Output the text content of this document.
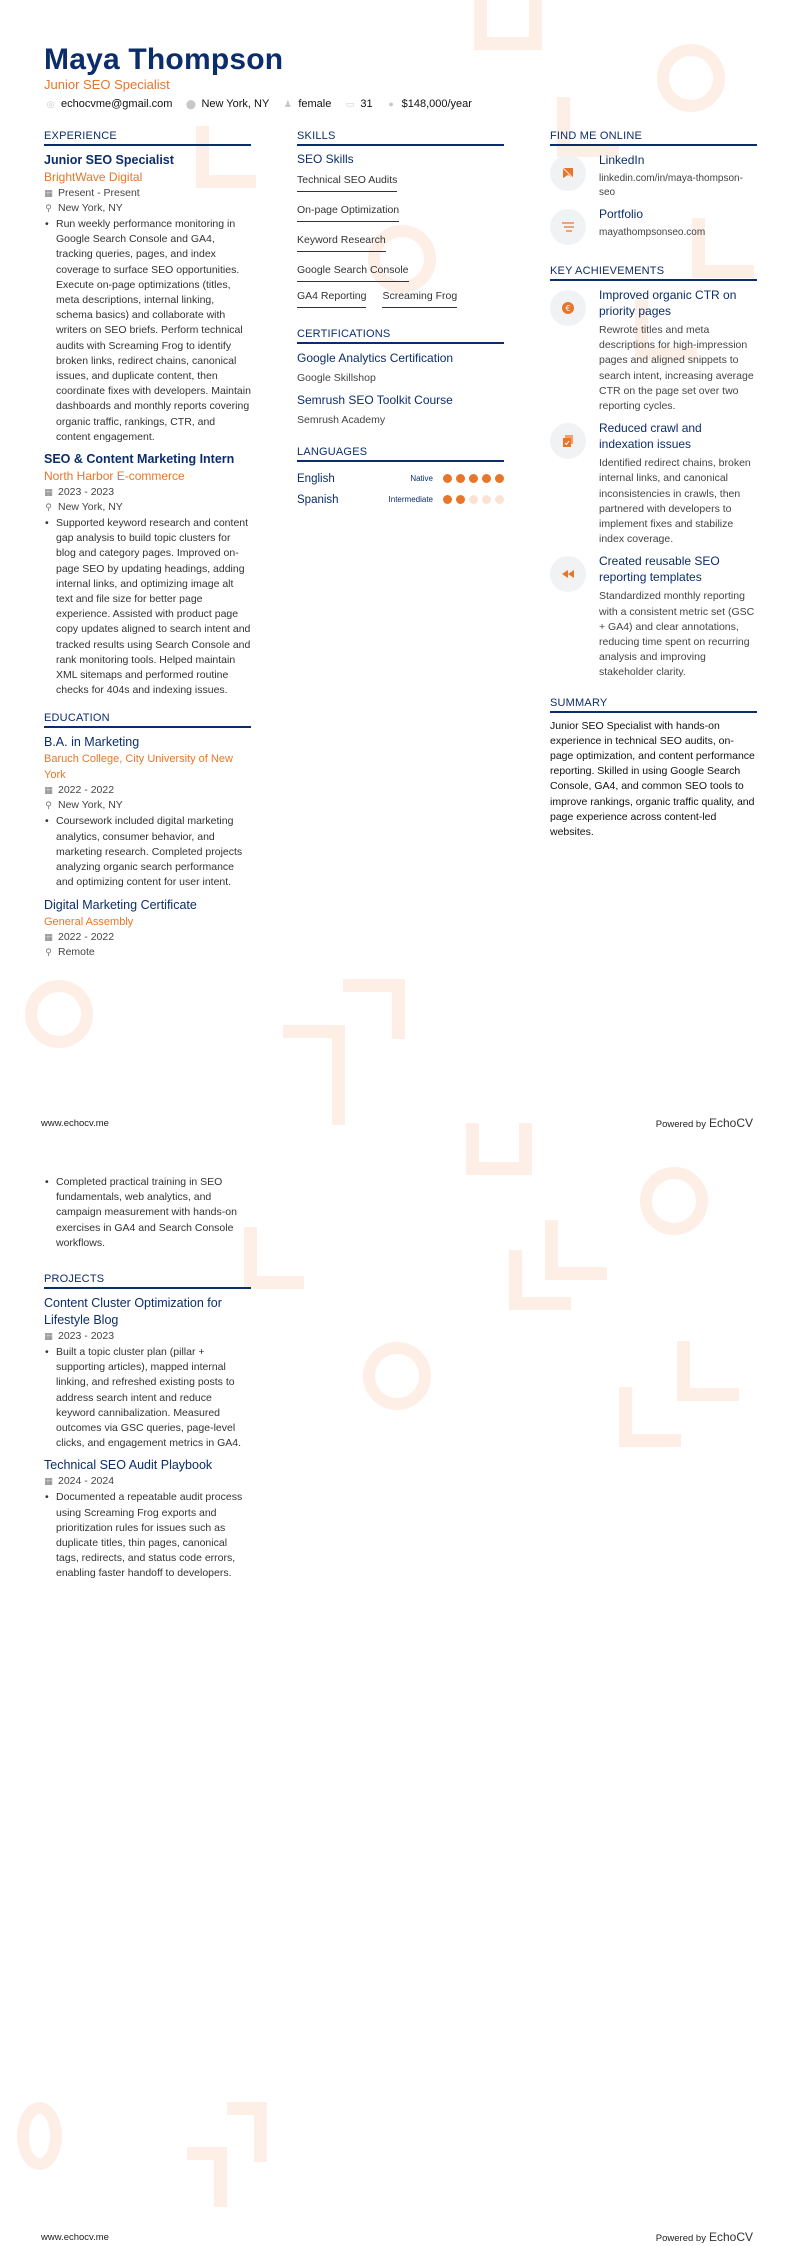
Maya Thompson
Junior SEO Specialist
◎ echocvme@gmail.com ⬤ New York, NY ♟ female ▭ 31 ● $148,000/year
EXPERIENCE
Junior SEO Specialist
BrightWave Digital
▦ Present - Present
⚲ New York, NY
• Run weekly performance monitoring in Google Search Console and GA4, tracking queries, pages, and index coverage to surface SEO opportunities. Execute on-page optimizations (titles, meta descriptions, internal linking, schema basics) and collaborate with writers on SEO briefs. Perform technical audits with Screaming Frog to identify broken links, redirect chains, canonical issues, and duplicate content, then coordinate fixes with developers. Maintain dashboards and monthly reports covering organic traffic, rankings, CTR, and content engagement.
SEO & Content Marketing Intern
North Harbor E-commerce
▦ 2023 - 2023
⚲ New York, NY
• Supported keyword research and content gap analysis to build topic clusters for blog and category pages. Improved on-page SEO by updating headings, adding internal links, and optimizing image alt text and file size for better page experience. Assisted with product page copy updates aligned to search intent and tracked results using Search Console and rank monitoring tools. Helped maintain XML sitemaps and performed routine checks for 404s and indexing issues.
EDUCATION
B.A. in Marketing
Baruch College, City University of New York
▦ 2022 - 2022
⚲ New York, NY
• Coursework included digital marketing analytics, consumer behavior, and marketing research. Completed projects analyzing organic search performance and optimizing content for user intent.
Digital Marketing Certificate
General Assembly
▦ 2022 - 2022
⚲ Remote
SKILLS
SEO Skills
Technical SEO Audits
On-page Optimization
Keyword Research
Google Search Console
GA4 Reporting Screaming Frog
CERTIFICATIONS
Google Analytics Certification
Google Skillshop
Semrush SEO Toolkit Course
Semrush Academy
LANGUAGES
English	Native
Spanish	Intermediate
FIND ME ONLINE
LinkedIn
linkedin.com/in/maya-thompson-seo
Portfolio
mayathompsonseo.com
KEY ACHIEVEMENTS
€
Improved organic CTR on priority pages
Rewrote titles and meta descriptions for high-impression pages and aligned snippets to search intent, increasing average CTR on the page set over two reporting cycles.
Reduced crawl and indexation issues
Identified redirect chains, broken internal links, and canonical inconsistencies in crawls, then partnered with developers to implement fixes and stabilize index coverage.
Created reusable SEO reporting templates
Standardized monthly reporting with a consistent metric set (GSC + GA4) and clear annotations, reducing time spent on recurring analysis and improving stakeholder clarity.
SUMMARY
Junior SEO Specialist with hands-on experience in technical SEO audits, on-page optimization, and content performance reporting. Skilled in using Google Search Console, GA4, and common SEO tools to improve rankings, organic traffic quality, and page experience across content-led websites.
www.echocv.me	Powered by EchoCV
• Completed practical training in SEO fundamentals, web analytics, and campaign measurement with hands-on exercises in GA4 and Search Console workflows.
PROJECTS
Content Cluster Optimization for Lifestyle Blog
▦ 2023 - 2023
• Built a topic cluster plan (pillar + supporting articles), mapped internal linking, and refreshed existing posts to address search intent and reduce keyword cannibalization. Measured outcomes via GSC queries, page-level clicks, and engagement metrics in GA4.
Technical SEO Audit Playbook
▦ 2024 - 2024
• Documented a repeatable audit process using Screaming Frog exports and prioritization rules for issues such as duplicate titles, thin pages, canonical tags, redirects, and status code errors, enabling faster handoff to developers.
www.echocv.me	Powered by EchoCV
